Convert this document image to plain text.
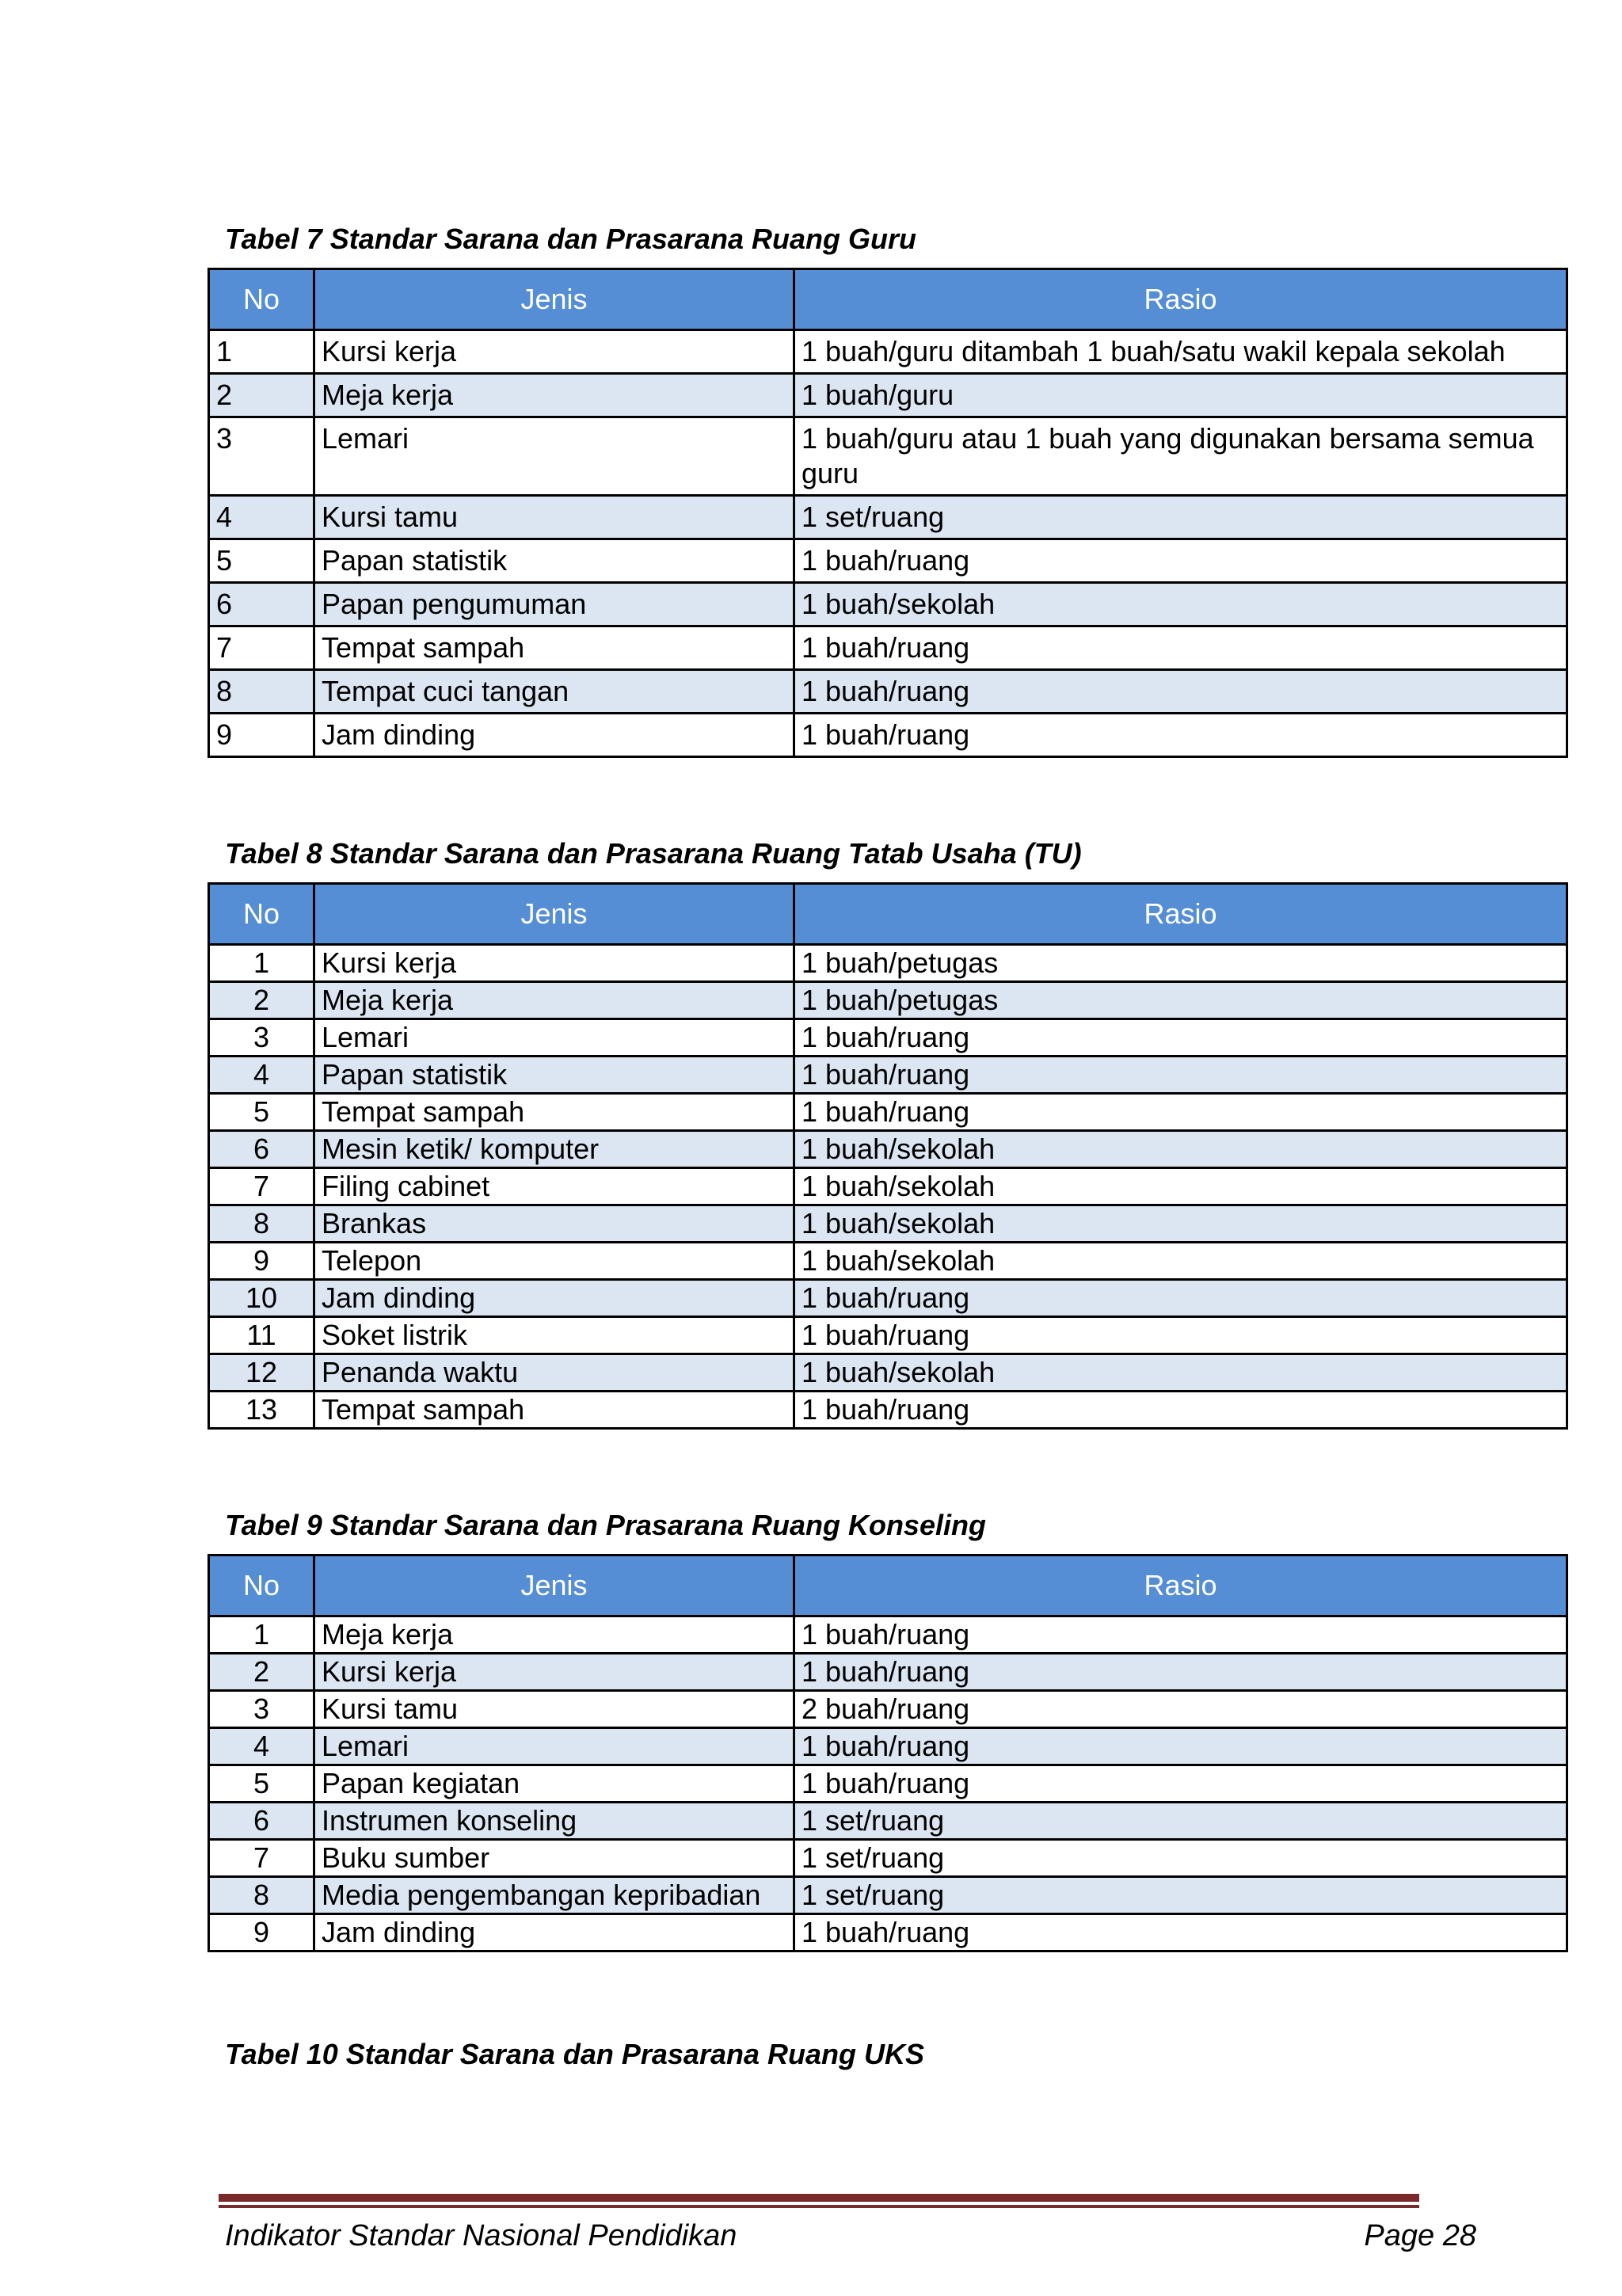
Tabel 7 Standar Sarana dan Prasarana Ruang Guru

No	Jenis	Rasio
1	Kursi kerja	1 buah/guru ditambah 1 buah/satu wakil kepala sekolah
2	Meja kerja	1 buah/guru
3	Lemari	1 buah/guru atau 1 buah yang digunakan bersama semua guru
4	Kursi tamu	1 set/ruang
5	Papan statistik	1 buah/ruang
6	Papan pengumuman	1 buah/sekolah
7	Tempat sampah	1 buah/ruang
8	Tempat cuci tangan	1 buah/ruang
9	Jam dinding	1 buah/ruang

Tabel 8 Standar Sarana dan Prasarana Ruang Tatab Usaha (TU)

No	Jenis	Rasio
1	Kursi kerja	1 buah/petugas
2	Meja kerja	1 buah/petugas
3	Lemari	1 buah/ruang
4	Papan statistik	1 buah/ruang
5	Tempat sampah	1 buah/ruang
6	Mesin ketik/ komputer	1 buah/sekolah
7	Filing cabinet	1 buah/sekolah
8	Brankas	1 buah/sekolah
9	Telepon	1 buah/sekolah
10	Jam dinding	1 buah/ruang
11	Soket listrik	1 buah/ruang
12	Penanda waktu	1 buah/sekolah
13	Tempat sampah	1 buah/ruang

Tabel 9 Standar Sarana dan Prasarana Ruang Konseling

No	Jenis	Rasio
1	Meja kerja	1 buah/ruang
2	Kursi kerja	1 buah/ruang
3	Kursi tamu	2 buah/ruang
4	Lemari	1 buah/ruang
5	Papan kegiatan	1 buah/ruang
6	Instrumen konseling	1 set/ruang
7	Buku sumber	1 set/ruang
8	Media pengembangan kepribadian	1 set/ruang
9	Jam dinding	1 buah/ruang

Tabel 10 Standar Sarana dan Prasarana Ruang UKS

Indikator Standar Nasional Pendidikan	Page 28
